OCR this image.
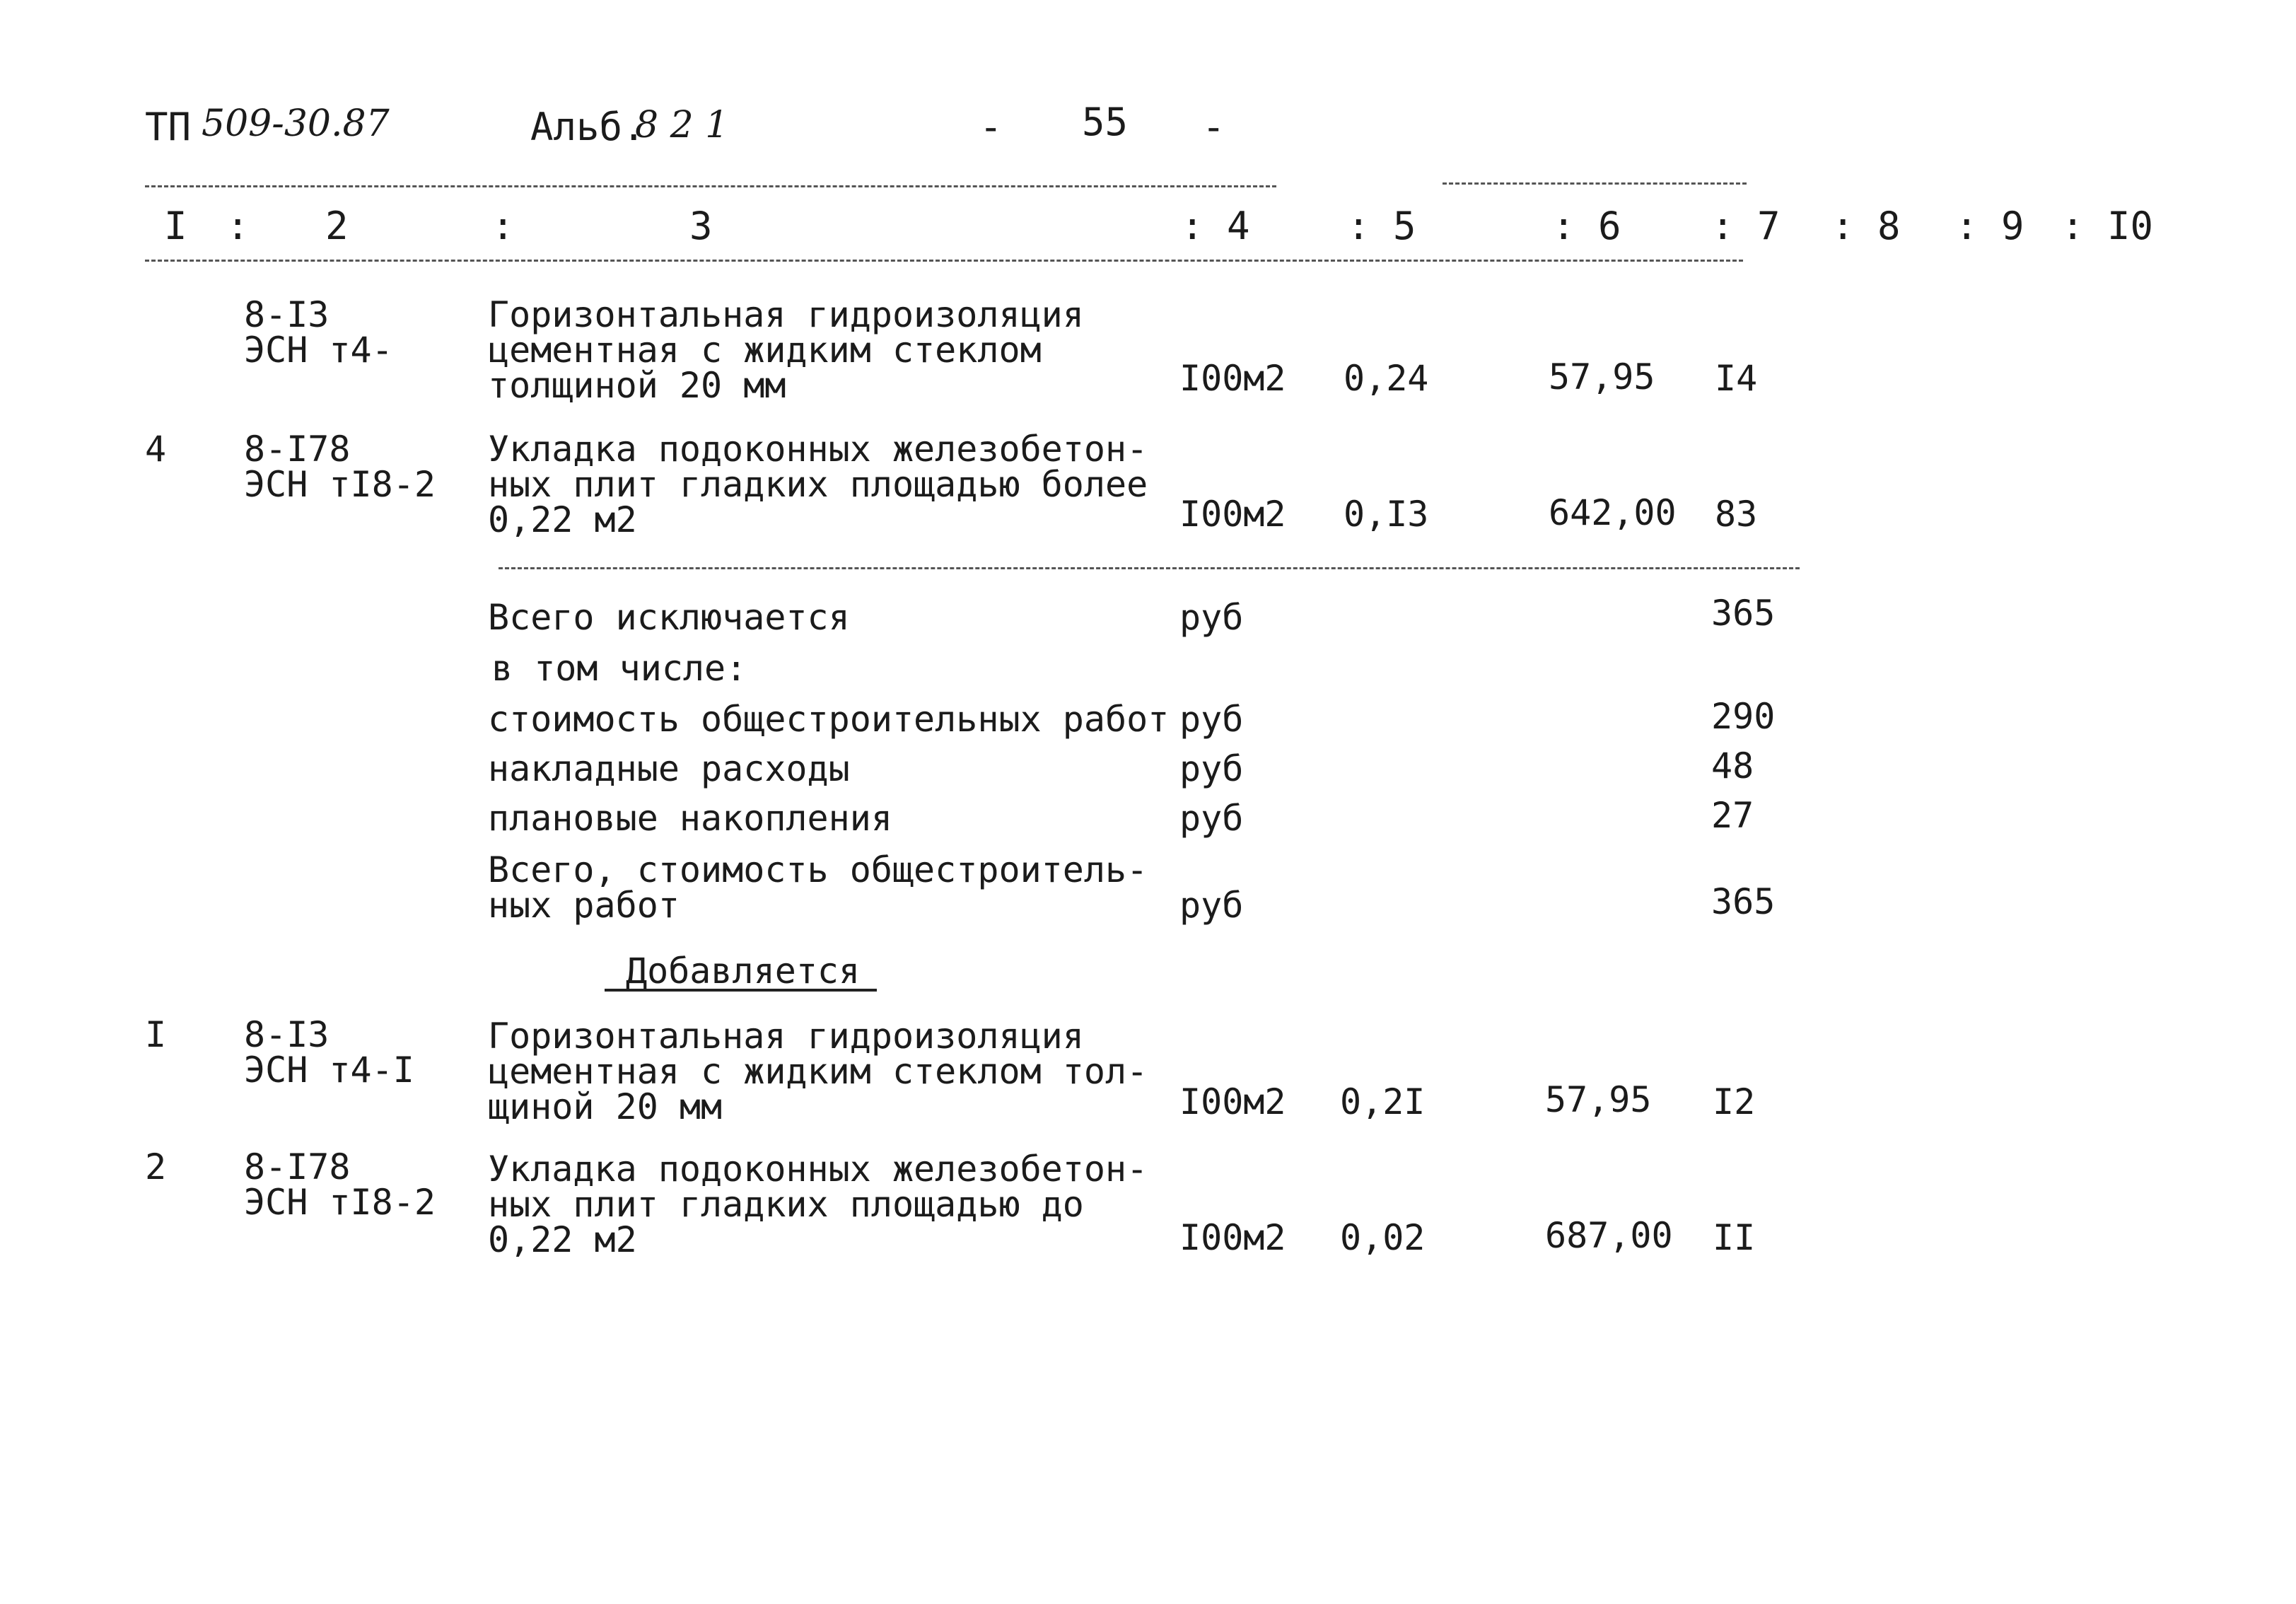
ТП 509-30.87	Альб.
8 2 1	- 55 -
I : 2	:	3	: 4	: 5	: 6 : 7 : 8 : 9 : I0
8-I3
ЭСН т4-
Горизонтальная гидроизоляция
цементная с жидким стеклом
толщиной 20 мм	I00м2 0,24	57,95 I4
4 8-I78
ЭСН тI8-2
Укладка подоконных железобетон-
ных плит гладких площадью более
0,22 м2	I00м2 0,I3	642,00 83
Всего исключается	руб	365
в том числе:
стоимость общестроительных работ руб	290
накладные расходы	руб	48
плановые накопления	руб	27
Всего, стоимость общестроитель-
ных работ	руб	365
Добавляется
I 8-I3
ЭСН т4-I
Горизонтальная гидроизоляция
цементная с жидким стеклом тол-
щиной 20 мм	I00м2 0,2I	57,95 I2
2 8-I78
ЭСН тI8-2
Укладка подоконных железобетон-
ных плит гладких площадью до
0,22 м2	I00м2 0,02	687,00 II
